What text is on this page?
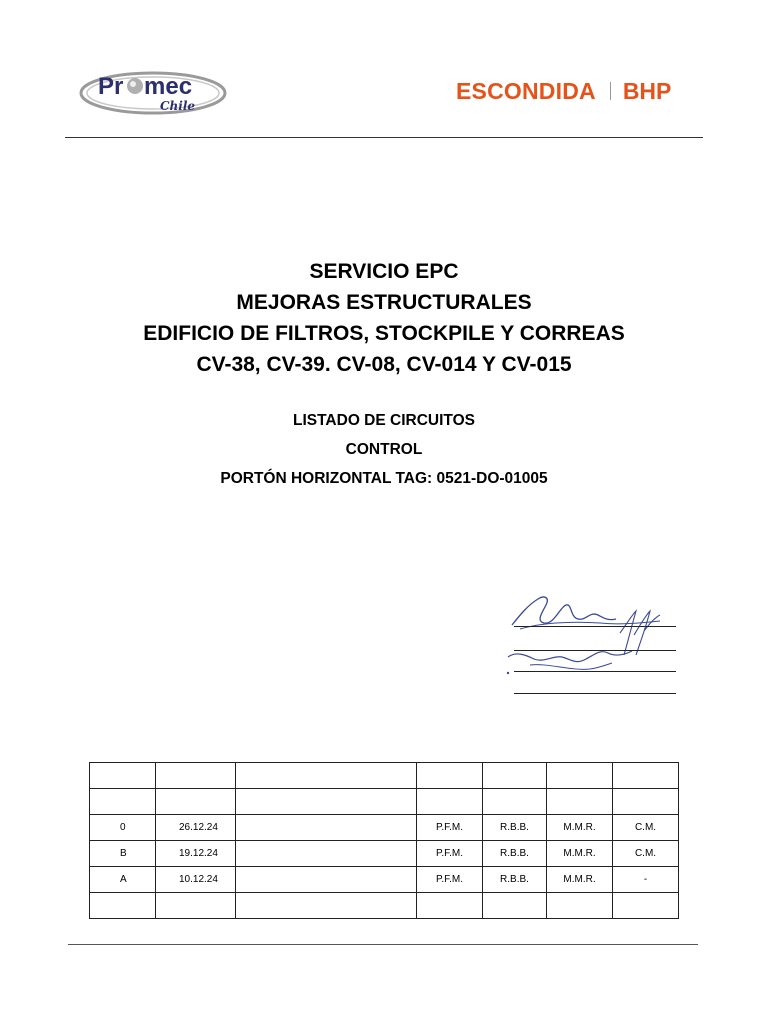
Pr mec
Chile
ESCONDIDA BHP
SERVICIO EPC
MEJORAS ESTRUCTURALES
EDIFICIO DE FILTROS, STOCKPILE Y CORREAS
CV-38, CV-39. CV-08, CV-014 Y CV-015
LISTADO DE CIRCUITOS
CONTROL
PORTÓN HORIZONTAL TAG: 0521-DO-01005

0	26.12.24		P.F.M.	R.B.B.	M.M.R.	C.M.
B	19.12.24		P.F.M.	R.B.B.	M.M.R.	C.M.
A	10.12.24		P.F.M.	R.B.B.	M.M.R.	-
